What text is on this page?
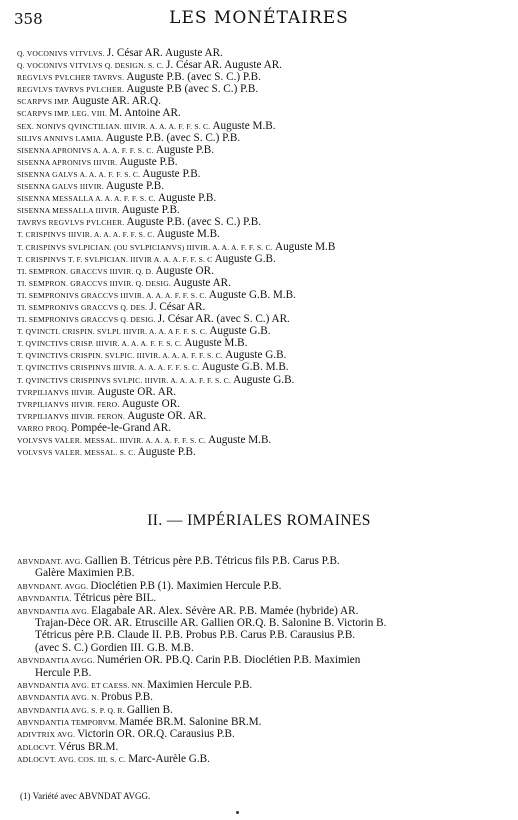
358	LES MONÉTAIRES
Q. VOCONIVS VITVLVS. J. César AR. Auguste AR.
Q. VOCONIVS VITVLVS Q. DESIGN. S. C. J. César AR. Auguste AR.
REGVLVS PVLCHER TAVRVS. Auguste P.B. (avec S. C.) P.B.
REGVLVS TAVRVS PVLCHER. Auguste P.B (avec S. C.) P.B.
SCARPVS IMP. Auguste AR. AR.Q.
SCARPVS IMP. LEG. VIII. M. Antoine AR.
SEX. NONIVS QVINCTILIAN. IIIVIR. A. A. A. F. F. S. C. Auguste M.B.
SILIVS ANNIVS LAMIA. Auguste P.B. (avec S. C.) P.B.
SISENNA APRONIVS A. A. A. F. F. S. C. Auguste P.B.
SISENNA APRONIVS IIIVIR. Auguste P.B.
SISENNA GALVS A. A. A. F. F. S. C. Auguste P.B.
SISENNA GALVS IIIVIR. Auguste P.B.
SISENNA MESSALLA A. A. A. F. F. S. C. Auguste P.B.
SISENNA MESSALLA IIIVIR. Auguste P.B.
TAVRVS REGVLVS PVLCHER. Auguste P.B. (avec S. C.) P.B.
T. CRISPINVS IIIVIR. A. A. A. F. F. S. C. Auguste M.B.
T. CRISPINVS SVLPICIAN. (OU SVLPICIANVS) IIIVIR. A. A. A. F. F. S. C. Auguste M.B
T. CRISPINVS T. F. SVLPICIAN. IIIVIR A. A. A. F. F. S. C Auguste G.B.
TI. SEMPRON. GRACCVS IIIVIR. Q. D. Auguste OR.
TI. SEMPRON. GRACCVS IIIVIR. Q. DESIG. Auguste AR.
TI. SEMPRONIVS GRACCVS IIIVIR. A. A. A. F. F. S. C. Auguste G.B. M.B.
TI. SEMPRONIVS GRACCVS Q. DES. J. César AR.
TI. SEMPRONIVS GRACCVS Q. DESIG. J. César AR. (avec S. C.) AR.
T. QVINCTI. CRISPIN. SVLPI. IIIVIR. A. A. A F. F. S. C. Auguste G.B.
T. QVINCTIVS CRISP. IIIVIR. A. A. A. F. F. S. C. Auguste M.B.
T. QVINCTIVS CRISPIN. SVLPIC. IIIVIR. A. A. A. F. F. S. C. Auguste G.B.
T. QVINCTIVS CRISPINVS IIIVIR. A. A. A. F. F. S. C. Auguste G.B. M.B.
T. QVINCTIVS CRISPINVS SVLPIC. IIIVIR. A. A. A. F. F. S. C. Auguste G.B.
TVRPILIANVS IIIVIR. Auguste OR. AR.
TVRPILIANVS IIIVIR. FERO. Auguste OR.
TVRPILIANVS IIIVIR. FERON. Auguste OR. AR.
VARRO PROQ. Pompée-le-Grand AR.
VOLVSVS VALER. MESSAL. IIIVIR. A. A. A. F. F. S. C. Auguste M.B.
VOLVSVS VALER. MESSAL. S. C. Auguste P.B.
II. — IMPÉRIALES ROMAINES
ABVNDANT. AVG. Gallien B. Tétricus père P.B. Tétricus fils P.B. Carus P.B.
Galère Maximien P.B.
ABVNDANT. AVGG. Dioclétien P.B (1). Maximien Hercule P.B.
ABVNDANTIA. Tétricus père BIL.
ABVNDANTIA AVG. Elagabale AR. Alex. Sévère AR. P.B. Mamée (hybride) AR.
Trajan-Dèce OR. AR. Etruscille AR. Gallien OR.Q. B. Salonine B. Victorin B.
Tétricus père P.B. Claude II. P.B. Probus P.B. Carus P.B. Carausius P.B.
(avec S. C.) Gordien III. G.B. M.B.
ABVNDANTIA AVGG. Numérien OR. PB.Q. Carin P.B. Dioclétien P.B. Maximien
Hercule P.B.
ABVNDANTIA AVG. ET CAESS. NN. Maximien Hercule P.B.
ABVNDANTIA AVG. N. Probus P.B.
ABVNDANTIA AVG. S. P. Q. R. Gallien B.
ABVNDANTIA TEMPORVM. Mamée BR.M. Salonine BR.M.
ADIVTRIX AVG. Victorin OR. OR.Q. Carausius P.B.
ADLOCVT. Vérus BR.M.
ADLOCVT. AVG. COS. III. S. C. Marc-Aurèle G.B.
(1) Variété avec ABVNDAT AVGG.
